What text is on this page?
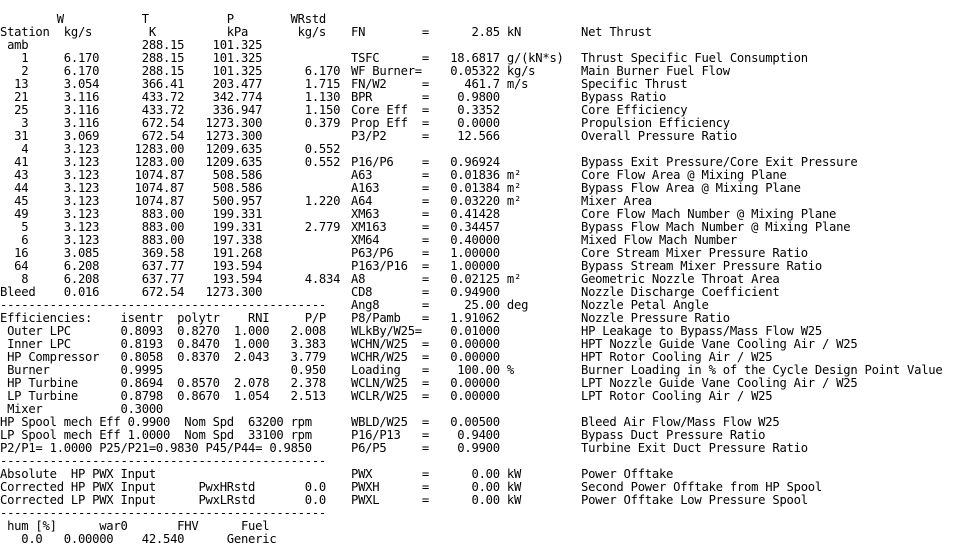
W           T           P        WRstd
Station  kg/s        K          kPa       kg/s
amb                288.15    101.325
1     6.170      288.15    101.325
2     6.170      288.15    101.325      6.170
13     3.054      366.41    203.477      1.715
21     3.116      433.72    342.774      1.130
25     3.116      433.72    336.947      1.150
3     3.116      672.54   1273.300      0.379
31     3.069      672.54   1273.300
4     3.123     1283.00   1209.635      0.552
41     3.123     1283.00   1209.635      0.552
43     3.123     1074.87    508.586
44     3.123     1074.87    508.586
45     3.123     1074.87    500.957      1.220
49     3.123      883.00    199.331
5     3.123      883.00    199.331      2.779
6     3.123      883.00    197.338
16     3.085      369.58    191.268
64     6.208      637.77    193.594
8     6.208      637.77    193.594      4.834
Bleed    0.016      672.54   1273.300
----------------------------------------------
Efficiencies:    isentr  polytr    RNI     P/P
Outer LPC       0.8093  0.8270  1.000   2.008
Inner LPC       0.8193  0.8470  1.000   3.383
HP Compressor   0.8058  0.8370  2.043   3.779
Burner          0.9995                  0.950
HP Turbine      0.8694  0.8570  2.078   2.378
LP Turbine      0.8798  0.8670  1.054   2.513
Mixer           0.3000
HP Spool mech Eff 0.9900  Nom Spd  63200 rpm
LP Spool mech Eff 1.0000  Nom Spd  33100 rpm
P2/P1= 1.0000 P25/P21=0.9830 P45/P44= 0.9850
----------------------------------------------
Absolute  HP PWX Input
Corrected HP PWX Input      PwxHRstd       0.0
Corrected LP PWX Input      PwxLRstd       0.0
----------------------------------------------
hum [%]      war0       FHV      Fuel
0.0   0.00000    42.540      Generic
FN        =      2.85 kN
TSFC      =   18.6817 g/(kN*s)
WF Burner=    0.05322 kg/s
FN/W2     =     461.7 m/s
BPR       =    0.9800
Core Eff  =    0.3352
Prop Eff  =    0.0000
P3/P2     =    12.566
P16/P6    =   0.96924
A63       =   0.01836 m²
A163      =   0.01384 m²
A64       =   0.03220 m²
XM63      =   0.41428
XM163     =   0.34457
XM64      =   0.40000
P63/P6    =   1.00000
P163/P16  =   1.00000
A8        =   0.02125 m²
CD8       =   0.94900
Ang8      =     25.00 deg
P8/Pamb   =   1.91062
WLkBy/W25=    0.01000
WCHN/W25  =   0.00000
WCHR/W25  =   0.00000
Loading   =    100.00 %
WCLN/W25  =   0.00000
WCLR/W25  =   0.00000
WBLD/W25  =   0.00500
P16/P13   =    0.9400
P6/P5     =    0.9900
PWX       =      0.00 kW
PWXH      =      0.00 kW
PWXL      =      0.00 kW
Net Thrust
Thrust Specific Fuel Consumption
Main Burner Fuel Flow
Specific Thrust
Bypass Ratio
Core Efficiency
Propulsion Efficiency
Overall Pressure Ratio
Bypass Exit Pressure/Core Exit Pressure
Core Flow Area @ Mixing Plane
Bypass Flow Area @ Mixing Plane
Mixer Area
Core Flow Mach Number @ Mixing Plane
Bypass Flow Mach Number @ Mixing Plane
Mixed Flow Mach Number
Core Stream Mixer Pressure Ratio
Bypass Stream Mixer Pressure Ratio
Geometric Nozzle Throat Area
Nozzle Discharge Coefficient
Nozzle Petal Angle
Nozzle Pressure Ratio
HP Leakage to Bypass/Mass Flow W25
HPT Nozzle Guide Vane Cooling Air / W25
HPT Rotor Cooling Air / W25
Burner Loading in % of the Cycle Design Point Value
LPT Nozzle Guide Vane Cooling Air / W25
LPT Rotor Cooling Air / W25
Bleed Air Flow/Mass Flow W25
Bypass Duct Pressure Ratio
Turbine Exit Duct Pressure Ratio
Power Offtake
Second Power Offtake from HP Spool
Power Offtake Low Pressure Spool
